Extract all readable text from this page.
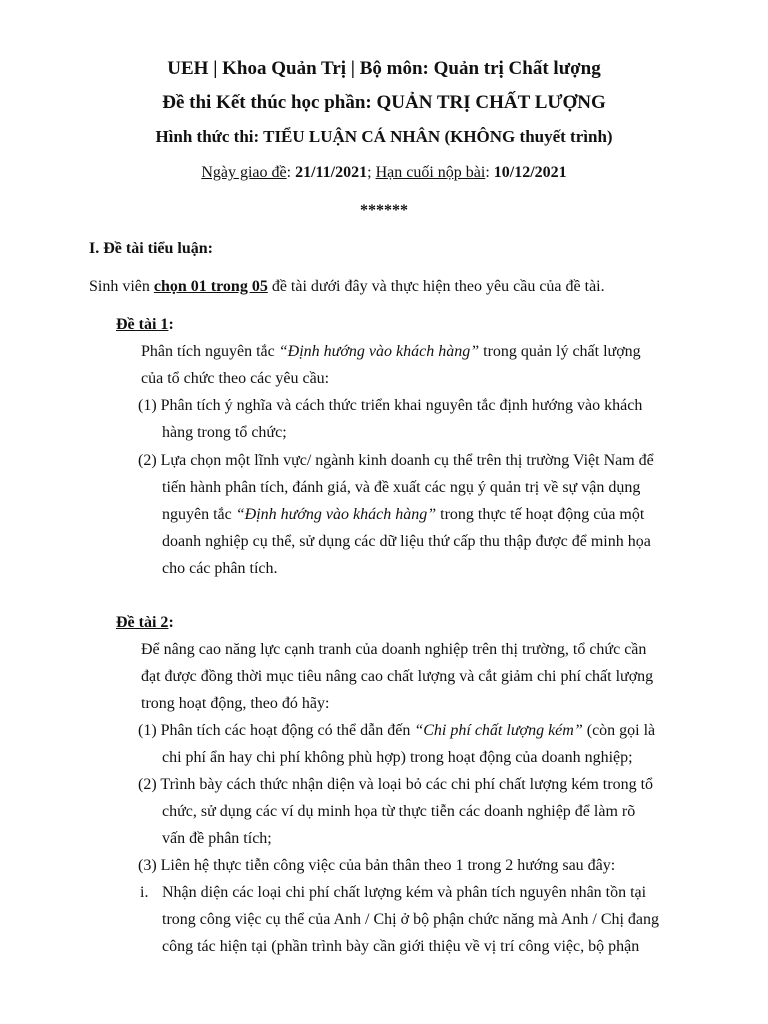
UEH | Khoa Quản Trị | Bộ môn: Quản trị Chất lượng
Đề thi Kết thúc học phần: QUẢN TRỊ CHẤT LƯỢNG
Hình thức thi: TIỂU LUẬN CÁ NHÂN (KHÔNG thuyết trình)
Ngày giao đề: 21/11/2021; Hạn cuối nộp bài: 10/12/2021
******
I. Đề tài tiểu luận:
Sinh viên chọn 01 trong 05 đề tài dưới đây và thực hiện theo yêu cầu của đề tài.
Đề tài 1:
Phân tích nguyên tắc “Định hướng vào khách hàng” trong quản lý chất lượng
của tổ chức theo các yêu cầu:
(1) Phân tích ý nghĩa và cách thức triển khai nguyên tắc định hướng vào khách
hàng trong tổ chức;
(2) Lựa chọn một lĩnh vực/ ngành kinh doanh cụ thể trên thị trường Việt Nam để
tiến hành phân tích, đánh giá, và đề xuất các ngụ ý quản trị về sự vận dụng
nguyên tắc “Định hướng vào khách hàng” trong thực tế hoạt động của một
doanh nghiệp cụ thể, sử dụng các dữ liệu thứ cấp thu thập được để minh họa
cho các phân tích.
Đề tài 2:
Để nâng cao năng lực cạnh tranh của doanh nghiệp trên thị trường, tổ chức cần
đạt được đồng thời mục tiêu nâng cao chất lượng và cắt giảm chi phí chất lượng
trong hoạt động, theo đó hãy:
(1) Phân tích các hoạt động có thể dẫn đến “Chi phí chất lượng kém” (còn gọi là
chi phí ẩn hay chi phí không phù hợp) trong hoạt động của doanh nghiệp;
(2) Trình bày cách thức nhận diện và loại bỏ các chi phí chất lượng kém trong tổ
chức, sử dụng các ví dụ minh họa từ thực tiễn các doanh nghiệp để làm rõ
vấn đề phân tích;
(3) Liên hệ thực tiễn công việc của bản thân theo 1 trong 2 hướng sau đây:
i. Nhận diện các loại chi phí chất lượng kém và phân tích nguyên nhân tồn tại
trong công việc cụ thể của Anh / Chị ở bộ phận chức năng mà Anh / Chị đang
công tác hiện tại (phần trình bày cần giới thiệu về vị trí công việc, bộ phận
